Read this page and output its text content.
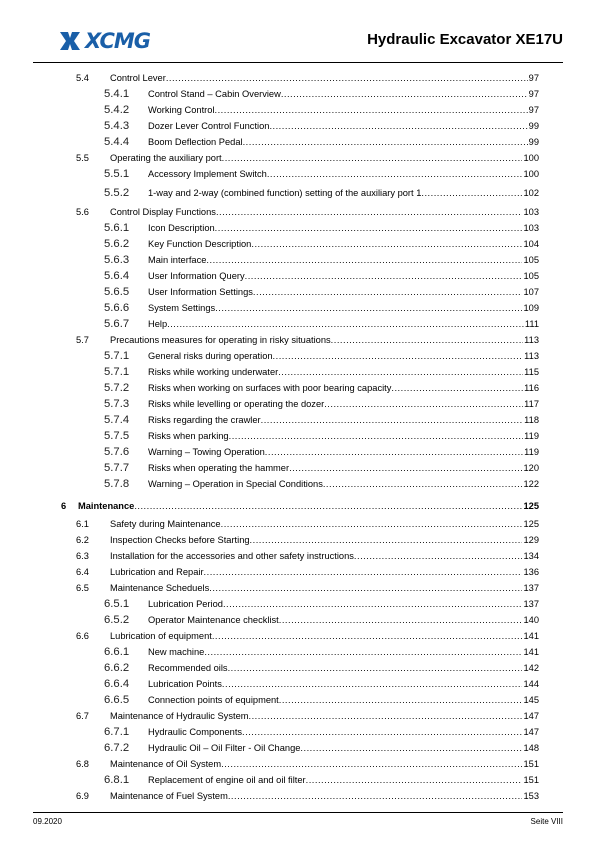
XCMG	Hydraulic Excavator XE17U
5.4 Control Lever .....	97
5.4.1 Control Stand – Cabin Overview .....	97
5.4.2 Working Control .....	97
5.4.3 Dozer Lever Control Function .....	99
5.4.4 Boom Deflection Pedal .....	99
5.5 Operating the auxiliary port .....	100
5.5.1 Accessory Implement Switch .....	100
5.5.2 1-way and 2-way (combined function) setting of the auxiliary port 1 .....	102
5.6 Control Display Functions .....	103
5.6.1 Icon Description .....	103
5.6.2 Key Function Description .....	104
5.6.3 Main interface .....	105
5.6.4 User Information Query .....	105
5.6.5 User Information Settings .....	107
5.6.6 System Settings .....	109
5.6.7 Help .....	111
5.7 Precautions measures for operating in risky situations .....	113
5.7.1 General risks during operation .....	113
5.7.1 Risks while working underwater .....	115
5.7.2 Risks when working on surfaces with poor bearing capacity .....	116
5.7.3 Risks while levelling or operating the dozer .....	117
5.7.4 Risks regarding the crawler .....	118
5.7.5 Risks when parking .....	119
5.7.6 Warning – Towing Operation .....	119
5.7.7 Risks when operating the hammer .....	120
5.7.8 Warning – Operation in Special Conditions .....	122
6 Maintenance .....	125
6.1 Safety during Maintenance .....	125
6.2 Inspection Checks before Starting .....	129
6.3 Installation for the accessories and other safety instructions .....	134
6.4 Lubrication and Repair .....	136
6.5 Maintenance Scheduels .....	137
6.5.1 Lubrication Period .....	137
6.5.2 Operator Maintenance checklist .....	140
6.6 Lubrication of equipment .....	141
6.6.1 New machine .....	141
6.6.2 Recommended oils .....	142
6.6.4 Lubrication Points .....	144
6.6.5 Connection points of equipment .....	145
6.7 Maintenance of Hydraulic System .....	147
6.7.1 Hydraulic Components .....	147
6.7.2 Hydraulic Oil – Oil Filter - Oil Change .....	148
6.8 Maintenance of Oil System .....	151
6.8.1 Replacement of engine oil and oil filter .....	151
6.9 Maintenance of Fuel System .....	153
09.2020	Seite VIII
